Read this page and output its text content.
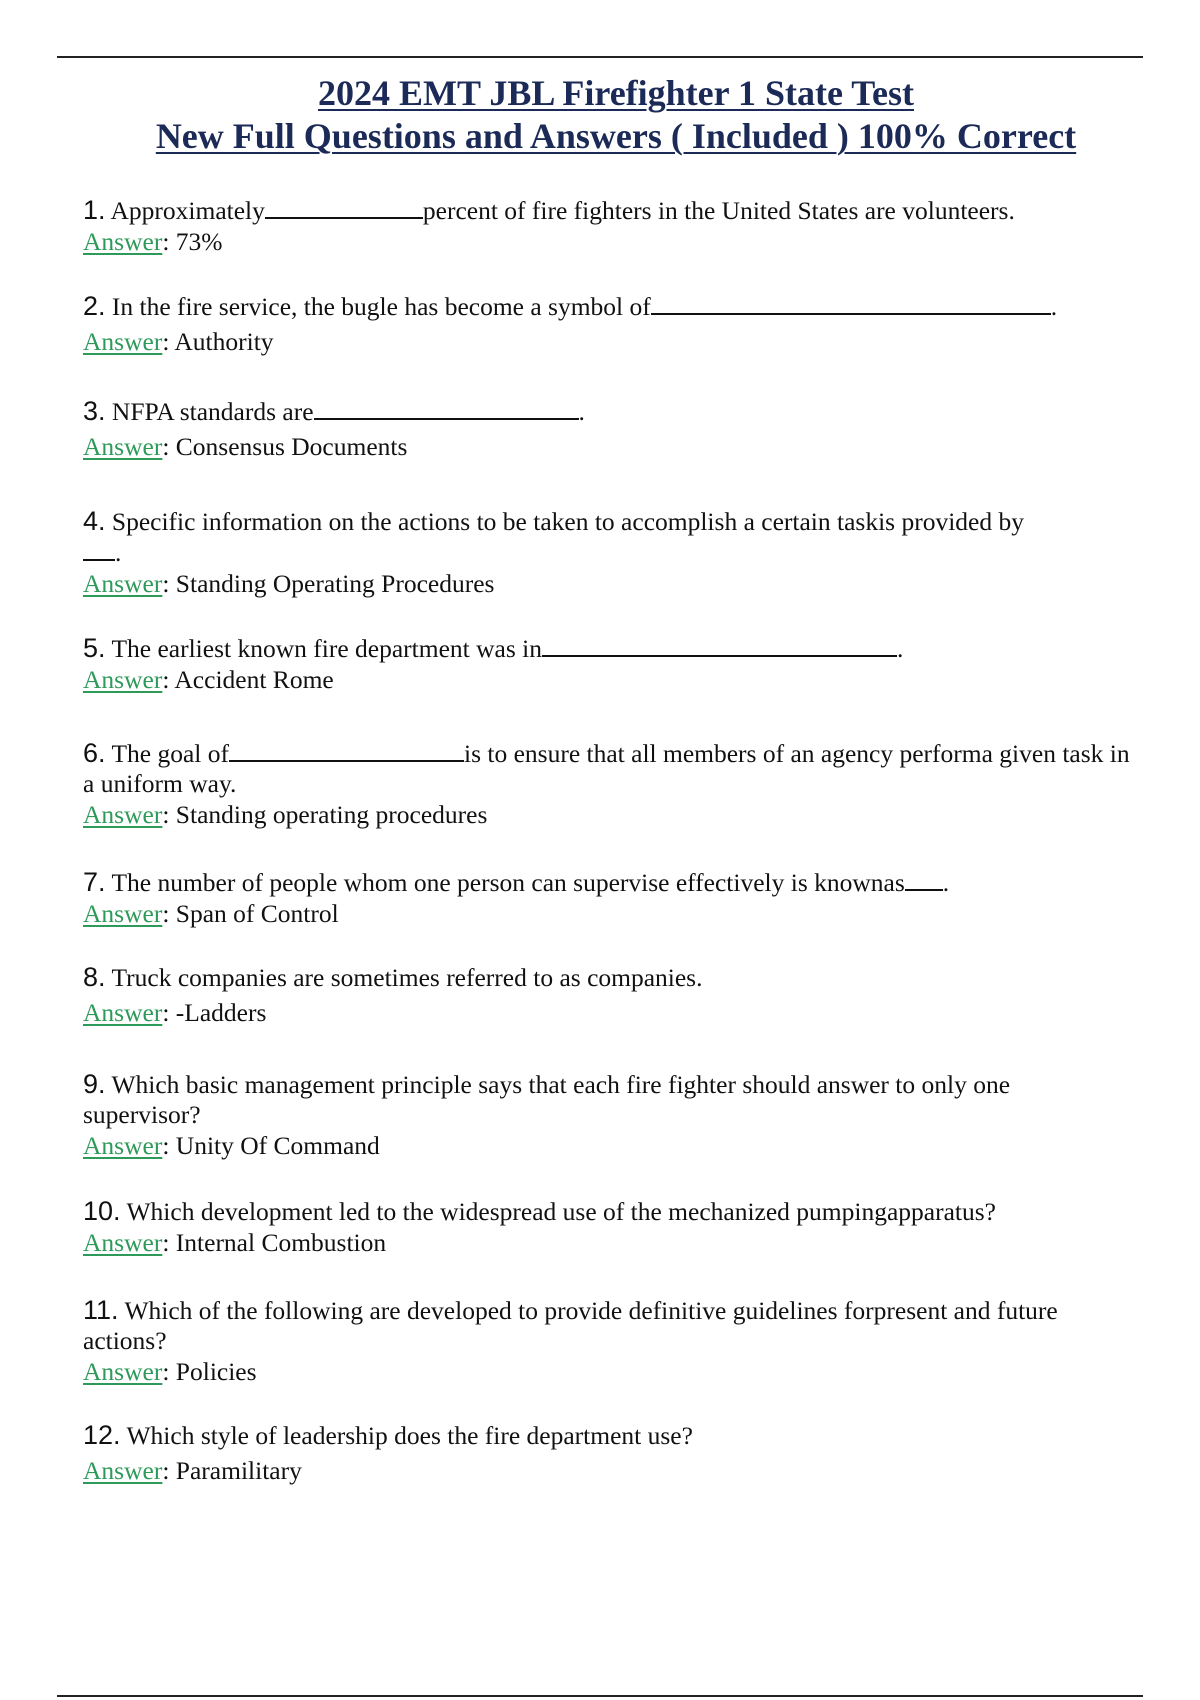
2024 EMT JBL Firefighter 1 State Test
New Full Questions and Answers ( Included ) 100% Correct
1. Approximately	percent of fire fighters in the United States are volunteers.
Answer: 73%
2. In the fire service, the bugle has become a symbol of	.
Answer: Authority
3. NFPA standards are	.
Answer: Consensus Documents
4. Specific information on the actions to be taken to accomplish a certain taskis provided by
.
Answer: Standing Operating Procedures
5. The earliest known fire department was in	.
Answer: Accident Rome
6. The goal of	is to ensure that all members of an agency performa given task in a uniform way.
Answer: Standing operating procedures
7. The number of people whom one person can supervise effectively is knownas .
Answer: Span of Control
8. Truck companies are sometimes referred to as companies.
Answer: -Ladders
9. Which basic management principle says that each fire fighter should answer to only one supervisor?
Answer: Unity Of Command
10. Which development led to the widespread use of the mechanized pumpingapparatus?
Answer: Internal Combustion
11. Which of the following are developed to provide definitive guidelines forpresent and future actions?
Answer: Policies
12. Which style of leadership does the fire department use?
Answer: Paramilitary
